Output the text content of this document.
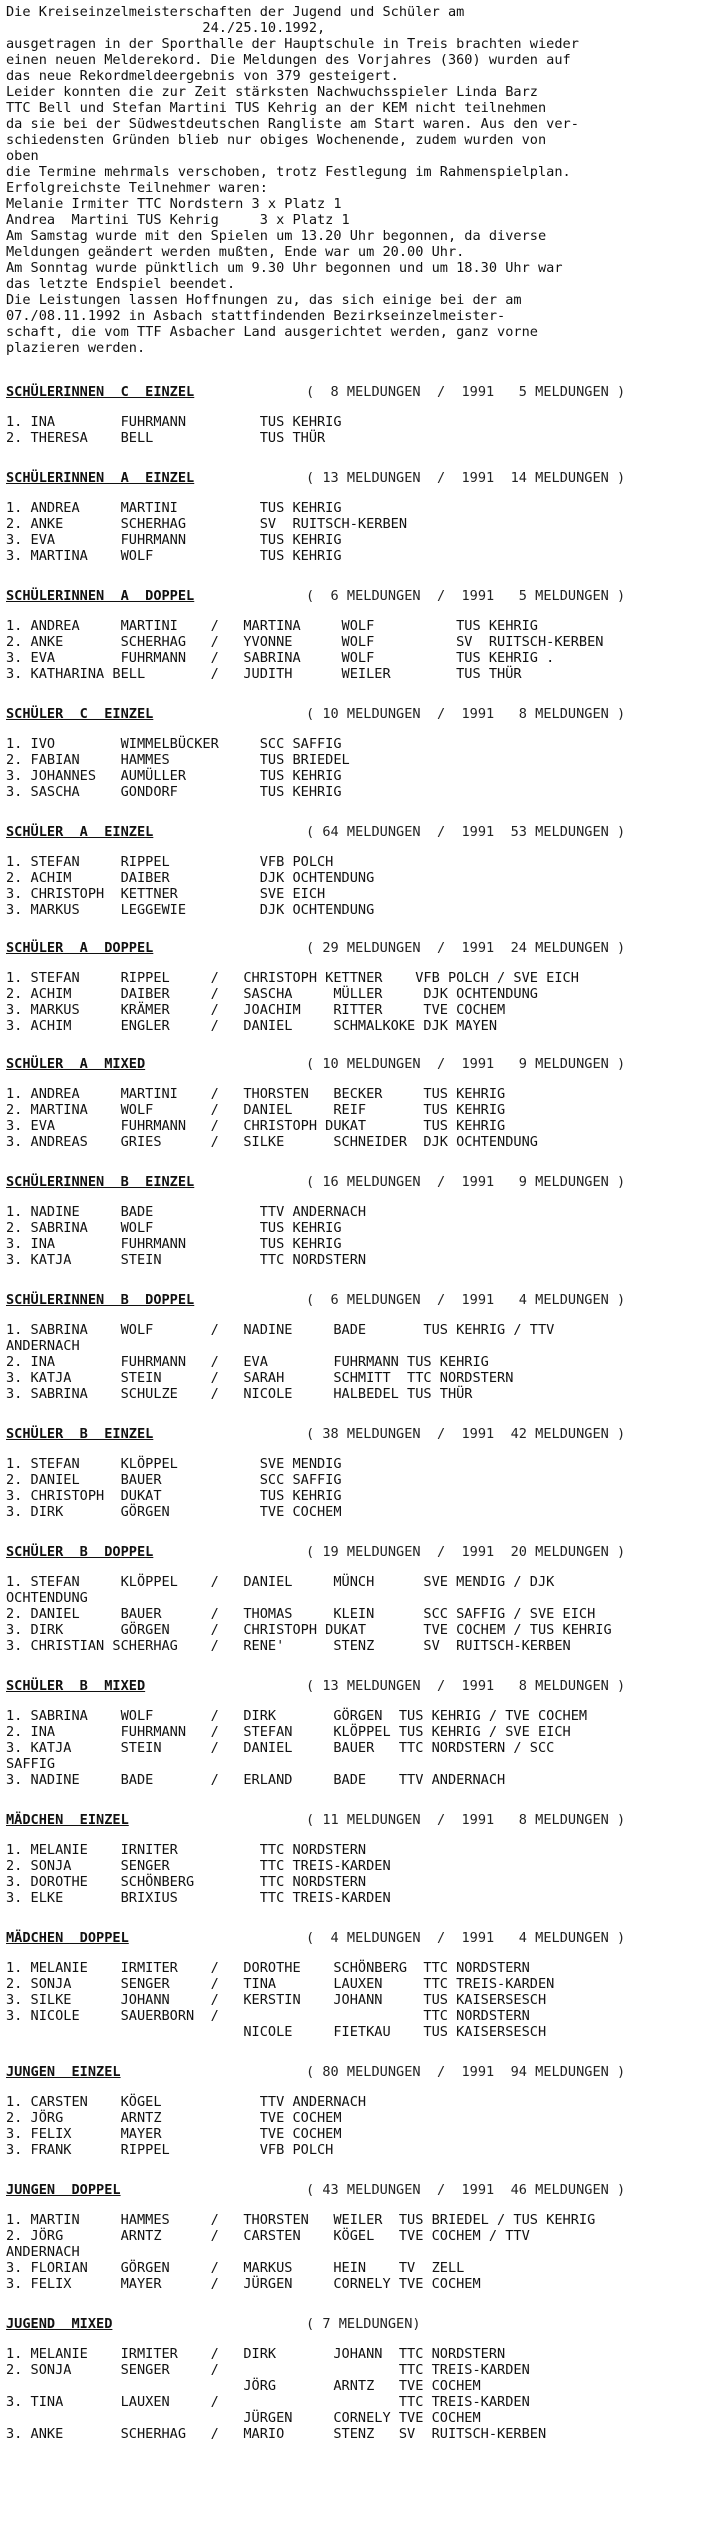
Die Kreiseinzelmeisterschaften der Jugend und Schüler am
24./25.10.1992,
ausgetragen in der Sporthalle der Hauptschule in Treis brachten wieder
einen neuen Melderekord. Die Meldungen des Vorjahres (360) wurden auf
das neue Rekordmeldeergebnis von 379 gesteigert.
Leider konnten die zur Zeit stärksten Nachwuchsspieler Linda Barz
TTC Bell und Stefan Martini TUS Kehrig an der KEM nicht teilnehmen
da sie bei der Südwestdeutschen Rangliste am Start waren. Aus den ver-
schiedensten Gründen blieb nur obiges Wochenende, zudem wurden von
oben
die Termine mehrmals verschoben, trotz Festlegung im Rahmenspielplan.
Erfolgreichste Teilnehmer waren:
Melanie Irmiter TTC Nordstern 3 x Platz 1
Andrea  Martini TUS Kehrig     3 x Platz 1
Am Samstag wurde mit den Spielen um 13.20 Uhr begonnen, da diverse
Meldungen geändert werden mußten, Ende war um 20.00 Uhr.
Am Sonntag wurde pünktlich um 9.30 Uhr begonnen und um 18.30 Uhr war
das letzte Endspiel beendet.
Die Leistungen lassen Hoffnungen zu, das sich einige bei der am
07./08.11.1992 in Asbach stattfindenden Bezirkseinzelmeister-
schaft, die vom TTF Asbacher Land ausgerichtet werden, ganz vorne
plazieren werden.
SCHÜLERINNEN  C  EINZEL	(  8 MELDUNGEN  /  1991   5 MELDUNGEN )
1. INA        FUHRMANN         TUS KEHRIG
2. THERESA    BELL             TUS THÜR
SCHÜLERINNEN  A  EINZEL	( 13 MELDUNGEN  /  1991  14 MELDUNGEN )
1. ANDREA     MARTINI          TUS KEHRIG
2. ANKE       SCHERHAG         SV  RUITSCH-KERBEN
3. EVA        FUHRMANN         TUS KEHRIG
3. MARTINA    WOLF             TUS KEHRIG
SCHÜLERINNEN  A  DOPPEL	(  6 MELDUNGEN  /  1991   5 MELDUNGEN )
1. ANDREA     MARTINI    /   MARTINA     WOLF          TUS KEHRIG
2. ANKE       SCHERHAG   /   YVONNE      WOLF          SV  RUITSCH-KERBEN
3. EVA        FUHRMANN   /   SABRINA     WOLF          TUS KEHRIG .
3. KATHARINA BELL        /   JUDITH      WEILER        TUS THÜR
SCHÜLER  C  EINZEL	( 10 MELDUNGEN  /  1991   8 MELDUNGEN )
1. IVO        WIMMELBÜCKER     SCC SAFFIG
2. FABIAN     HAMMES           TUS BRIEDEL
3. JOHANNES   AUMÜLLER         TUS KEHRIG
3. SASCHA     GONDORF          TUS KEHRIG
SCHÜLER  A  EINZEL	( 64 MELDUNGEN  /  1991  53 MELDUNGEN )
1. STEFAN     RIPPEL           VFB POLCH
2. ACHIM      DAIBER           DJK OCHTENDUNG
3. CHRISTOPH  KETTNER          SVE EICH
3. MARKUS     LEGGEWIE         DJK OCHTENDUNG
SCHÜLER  A  DOPPEL	( 29 MELDUNGEN  /  1991  24 MELDUNGEN )
1. STEFAN     RIPPEL     /   CHRISTOPH KETTNER    VFB POLCH / SVE EICH
2. ACHIM      DAIBER     /   SASCHA     MÜLLER     DJK OCHTENDUNG
3. MARKUS     KRÄMER     /   JOACHIM    RITTER     TVE COCHEM
3. ACHIM      ENGLER     /   DANIEL     SCHMALKOKE DJK MAYEN
SCHÜLER  A  MIXED	( 10 MELDUNGEN  /  1991   9 MELDUNGEN )
1. ANDREA     MARTINI    /   THORSTEN   BECKER     TUS KEHRIG
2. MARTINA    WOLF       /   DANIEL     REIF       TUS KEHRIG
3. EVA        FUHRMANN   /   CHRISTOPH DUKAT       TUS KEHRIG
3. ANDREAS    GRIES      /   SILKE      SCHNEIDER  DJK OCHTENDUNG
SCHÜLERINNEN  B  EINZEL	( 16 MELDUNGEN  /  1991   9 MELDUNGEN )
1. NADINE     BADE             TTV ANDERNACH
2. SABRINA    WOLF             TUS KEHRIG
3. INA        FUHRMANN         TUS KEHRIG
3. KATJA      STEIN            TTC NORDSTERN
SCHÜLERINNEN  B  DOPPEL	(  6 MELDUNGEN  /  1991   4 MELDUNGEN )
1. SABRINA    WOLF       /   NADINE     BADE       TUS KEHRIG / TTV
ANDERNACH
2. INA        FUHRMANN   /   EVA        FUHRMANN TUS KEHRIG
3. KATJA      STEIN      /   SARAH      SCHMITT  TTC NORDSTERN
3. SABRINA    SCHULZE    /   NICOLE     HALBEDEL TUS THÜR
SCHÜLER  B  EINZEL	( 38 MELDUNGEN  /  1991  42 MELDUNGEN )
1. STEFAN     KLÖPPEL          SVE MENDIG
2. DANIEL     BAUER            SCC SAFFIG
3. CHRISTOPH  DUKAT            TUS KEHRIG
3. DIRK       GÖRGEN           TVE COCHEM
SCHÜLER  B  DOPPEL	( 19 MELDUNGEN  /  1991  20 MELDUNGEN )
1. STEFAN     KLÖPPEL    /   DANIEL     MÜNCH      SVE MENDIG / DJK
OCHTENDUNG
2. DANIEL     BAUER      /   THOMAS     KLEIN      SCC SAFFIG / SVE EICH
3. DIRK       GÖRGEN     /   CHRISTOPH DUKAT       TVE COCHEM / TUS KEHRIG
3. CHRISTIAN SCHERHAG    /   RENE'      STENZ      SV  RUITSCH-KERBEN
SCHÜLER  B  MIXED	( 13 MELDUNGEN  /  1991   8 MELDUNGEN )
1. SABRINA    WOLF       /   DIRK       GÖRGEN  TUS KEHRIG / TVE COCHEM
2. INA        FUHRMANN   /   STEFAN     KLÖPPEL TUS KEHRIG / SVE EICH
3. KATJA      STEIN      /   DANIEL     BAUER   TTC NORDSTERN / SCC
SAFFIG
3. NADINE     BADE       /   ERLAND     BADE    TTV ANDERNACH
MÄDCHEN  EINZEL	( 11 MELDUNGEN  /  1991   8 MELDUNGEN )
1. MELANIE    IRNITER          TTC NORDSTERN
2. SONJA      SENGER           TTC TREIS-KARDEN
3. DOROTHE    SCHÖNBERG        TTC NORDSTERN
3. ELKE       BRIXIUS          TTC TREIS-KARDEN
MÄDCHEN  DOPPEL	(  4 MELDUNGEN  /  1991   4 MELDUNGEN )
1. MELANIE    IRMITER    /   DOROTHE    SCHÖNBERG  TTC NORDSTERN
2. SONJA      SENGER     /   TINA       LAUXEN     TTC TREIS-KARDEN
3. SILKE      JOHANN     /   KERSTIN    JOHANN     TUS KAISERSESCH
3. NICOLE     SAUERBORN  /                         TTC NORDSTERN
NICOLE     FIETKAU    TUS KAISERSESCH
JUNGEN  EINZEL	( 80 MELDUNGEN  /  1991  94 MELDUNGEN )
1. CARSTEN    KÖGEL            TTV ANDERNACH
2. JÖRG       ARNTZ            TVE COCHEM
3. FELIX      MAYER            TVE COCHEM
3. FRANK      RIPPEL           VFB POLCH
JUNGEN  DOPPEL	( 43 MELDUNGEN  /  1991  46 MELDUNGEN )
1. MARTIN     HAMMES     /   THORSTEN   WEILER  TUS BRIEDEL / TUS KEHRIG
2. JÖRG       ARNTZ      /   CARSTEN    KÖGEL   TVE COCHEM / TTV
ANDERNACH
3. FLORIAN    GÖRGEN     /   MARKUS     HEIN    TV  ZELL
3. FELIX      MAYER      /   JÜRGEN     CORNELY TVE COCHEM
JUGEND  MIXED	( 7 MELDUNGEN)
1. MELANIE    IRMITER    /   DIRK       JOHANN  TTC NORDSTERN
2. SONJA      SENGER     /                      TTC TREIS-KARDEN
JÖRG       ARNTZ   TVE COCHEM
3. TINA       LAUXEN     /                      TTC TREIS-KARDEN
JÜRGEN     CORNELY TVE COCHEM
3. ANKE       SCHERHAG   /   MARIO      STENZ   SV  RUITSCH-KERBEN
